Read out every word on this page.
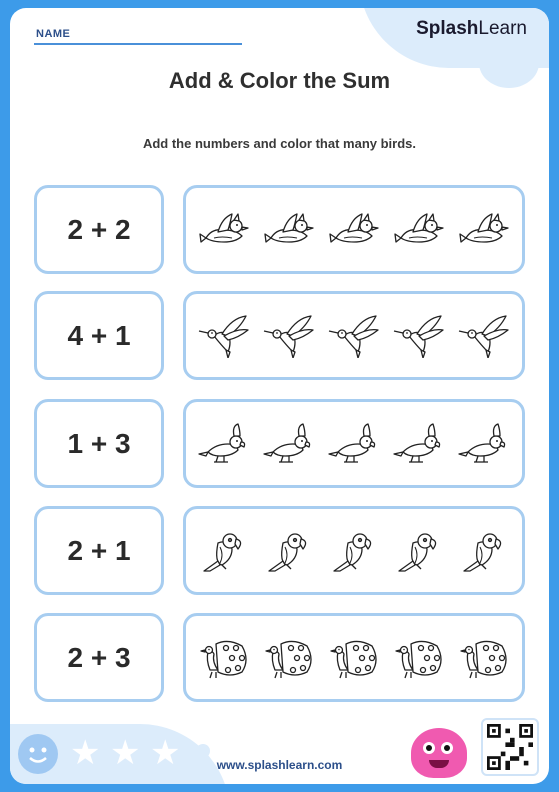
NAME	SplashLearn
Add & Color the Sum
Add the numbers and color that many birds.
2 + 2
4 + 1
1 + 3
2 + 1
2 + 3
★ ★ ★	www.splashlearn.com
